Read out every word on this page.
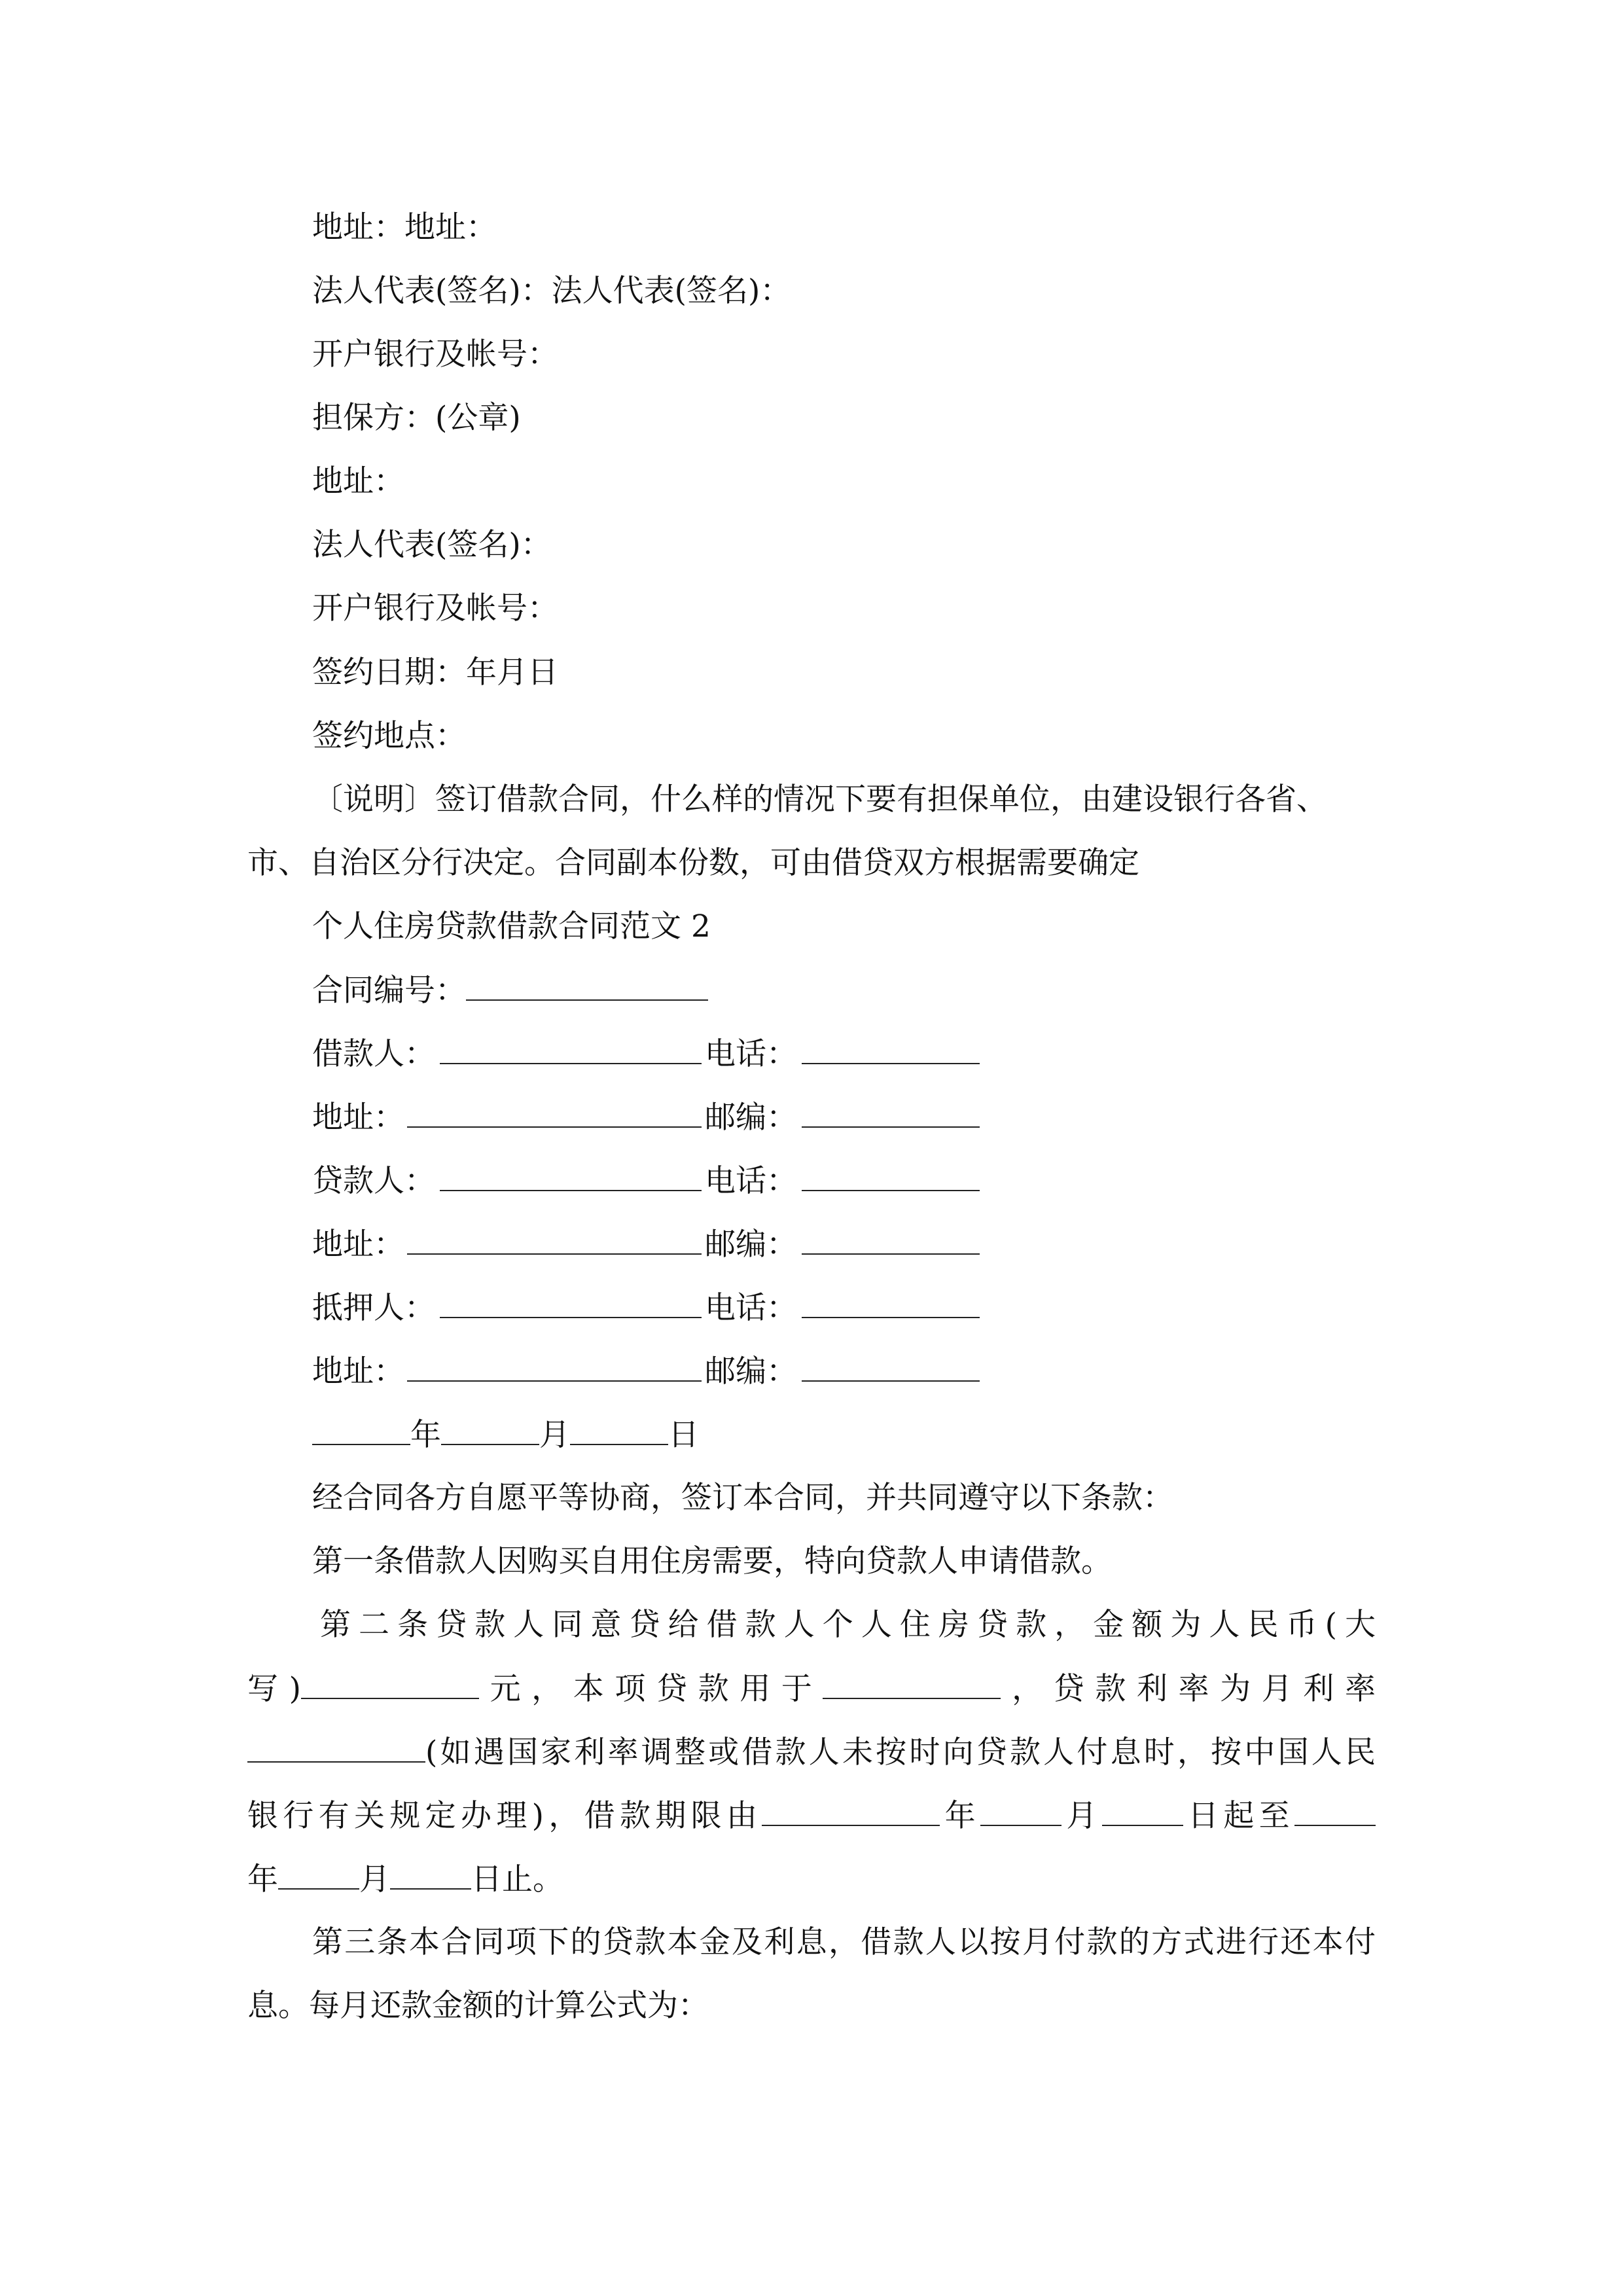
地址：地址：
法人代表(签名)：法人代表(签名)：
开户银行及帐号：
担保方：(公章)
地址：
法人代表(签名)：
开户银行及帐号：
签约日期：年月日
签约地点：
〔说明〕签订借款合同，什么样的情况下要有担保单位，由建设银行各省、
市、自治区分行决定。合同副本份数，可由借贷双方根据需要确定
个人住房贷款借款合同范文 2
合同编号：
借款人：	电话：
地址：	邮编：
贷款人：	电话：
地址：	邮编：
抵押人：	电话：
地址：	邮编：
年	月	日
经合同各方自愿平等协商，签订本合同，并共同遵守以下条款：
第一条借款人因购买自用住房需要，特向贷款人申请借款。
第二条贷款人同意贷给借款人个人住房贷款，金额为人民币(大
写)	元，本项贷款用于	，贷款利率为月利率
(如遇国家利率调整或借款人未按时向贷款人付息时，按中国人民
银行有关规定办理)，借款期限由	年	月	日起至
年	月	日止。
第三条本合同项下的贷款本金及利息，借款人以按月付款的方式进行还本付
息。每月还款金额的计算公式为：
